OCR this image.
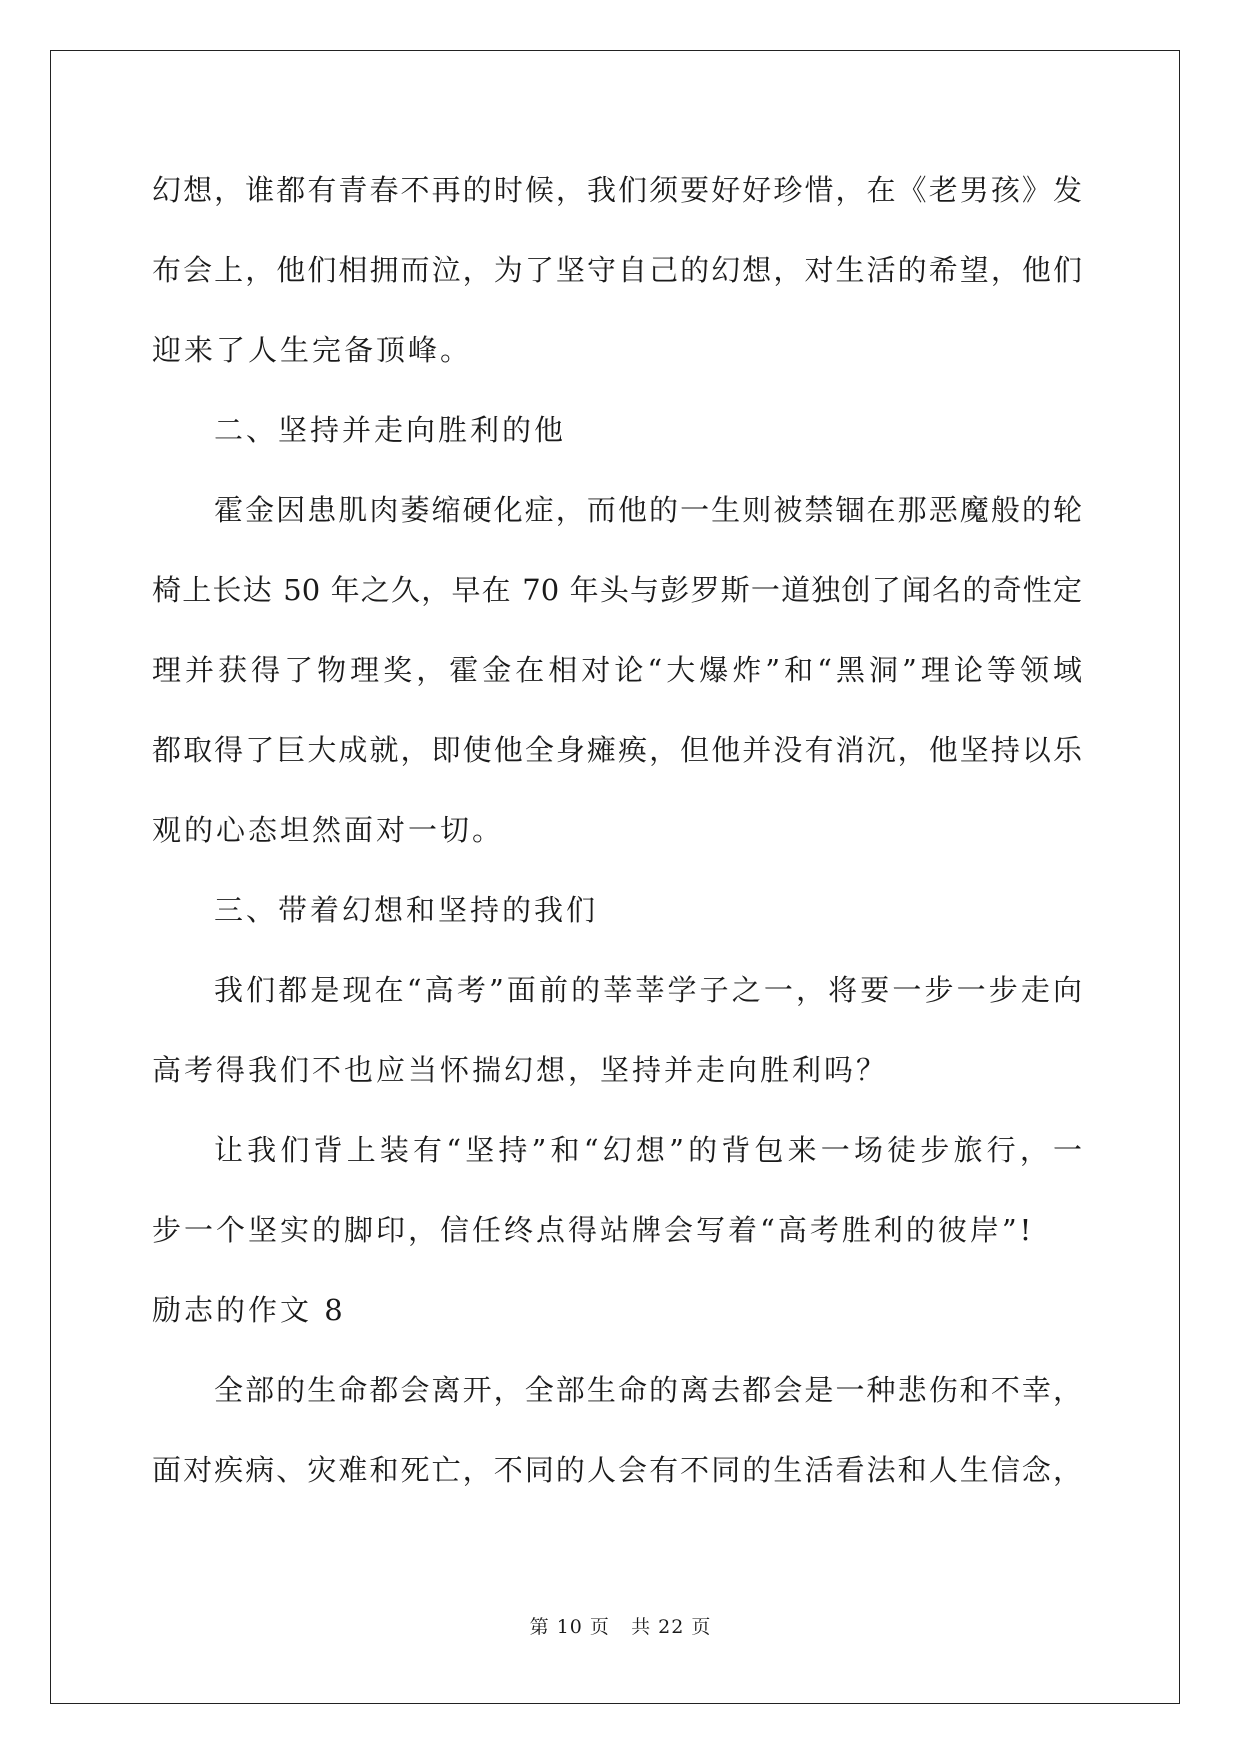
幻想，谁都有青春不再的时候，我们须要好好珍惜，在《老男孩》发
布会上，他们相拥而泣，为了坚守自己的幻想，对生活的希望，他们
迎来了人生完备顶峰。
二、坚持并走向胜利的他
霍金因患肌肉萎缩硬化症，而他的一生则被禁锢在那恶魔般的轮
椅上长达 50 年之久，早在 70 年头与彭罗斯一道独创了闻名的奇性定
理并获得了物理奖，霍金在相对论“大爆炸”和“黑洞”理论等领域
都取得了巨大成就，即使他全身瘫痪，但他并没有消沉，他坚持以乐
观的心态坦然面对一切。
三、带着幻想和坚持的我们
我们都是现在“高考”面前的莘莘学子之一，将要一步一步走向
高考得我们不也应当怀揣幻想，坚持并走向胜利吗？
让我们背上装有“坚持”和“幻想”的背包来一场徒步旅行，一
步一个坚实的脚印，信任终点得站牌会写着“高考胜利的彼岸”!
励志的作文 8
全部的生命都会离开，全部生命的离去都会是一种悲伤和不幸，
面对疾病、灾难和死亡，不同的人会有不同的生活看法和人生信念，
第 10 页 共 22 页
